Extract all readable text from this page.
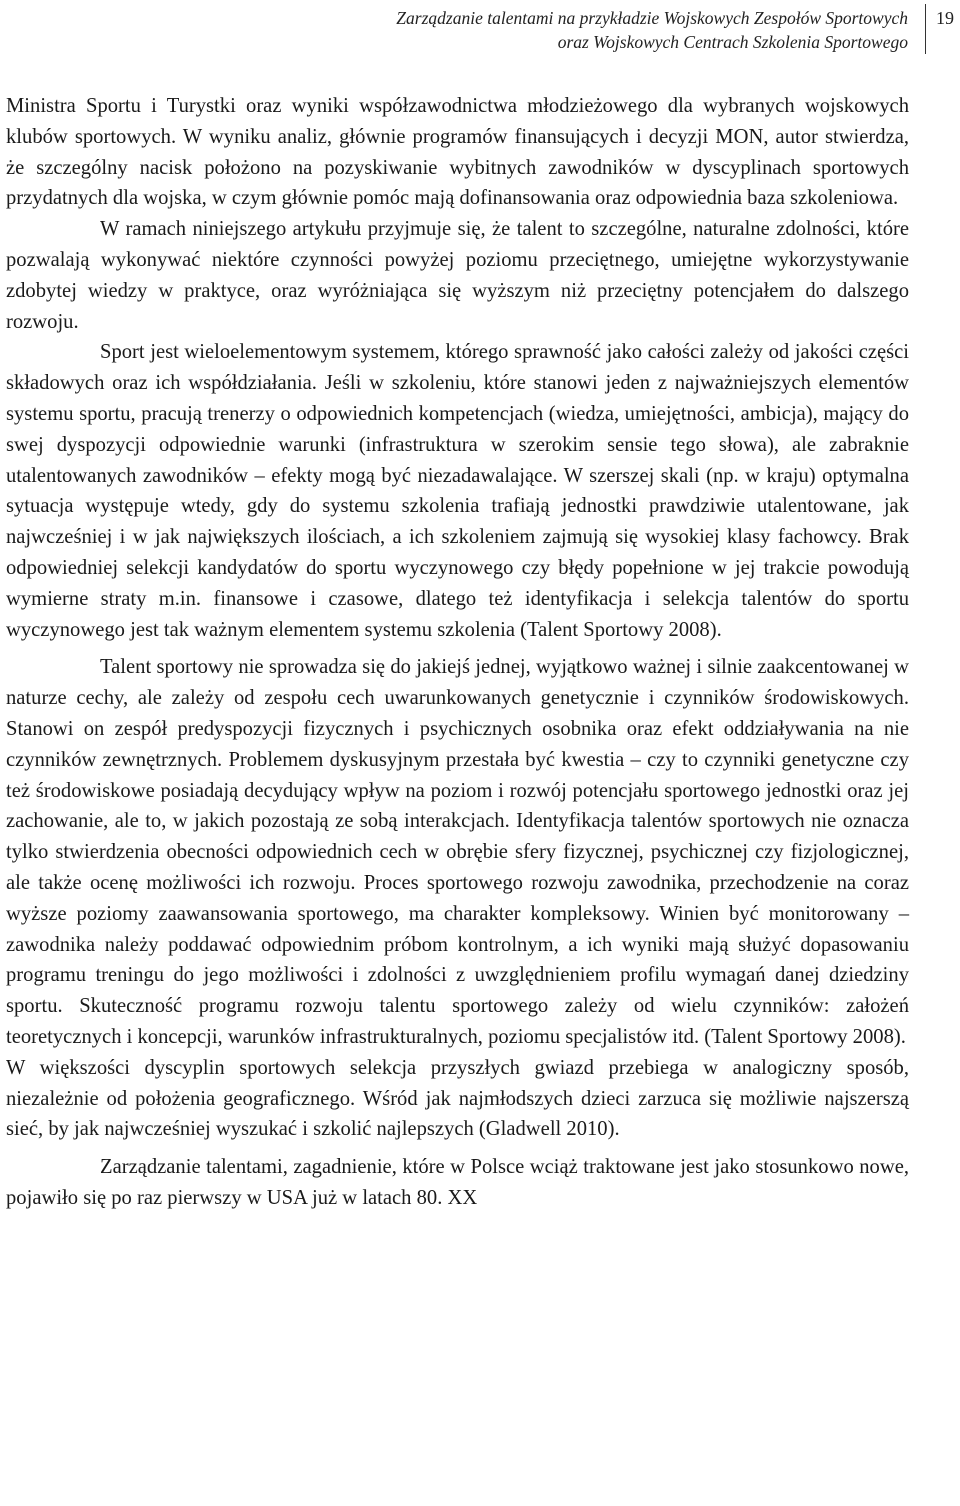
Zarządzanie talentami na przykładzie Wojskowych Zespołów Sportowych
oraz Wojskowych Centrach Szkolenia Sportowego
19

Ministra Sportu i Turystki oraz wyniki współzawodnictwa młodzieżowego dla wybranych wojskowych klubów sportowych. W wyniku analiz, głównie programów finansujących i decyzji MON, autor stwierdza, że szczególny nacisk położono na pozyskiwanie wybitnych zawodników w dyscyplinach sportowych przydatnych dla wojska, w czym głównie pomóc mają dofinansowania oraz odpowiednia baza szkoleniowa.

W ramach niniejszego artykułu przyjmuje się, że talent to szczególne, naturalne zdolności, które pozwalają wykonywać niektóre czynności powyżej poziomu przeciętnego, umiejętne wykorzystywanie zdobytej wiedzy w praktyce, oraz wyróżniająca się wyższym niż przeciętny potencjałem do dalszego rozwoju.

Sport jest wieloelementowym systemem, którego sprawność jako całości zależy od jakości części składowych oraz ich współdziałania. Jeśli w szkoleniu, które stanowi jeden z najważniejszych elementów systemu sportu, pracują trenerzy o odpowiednich kompetencjach (wiedza, umiejętności, ambicja), mający do swej dyspozycji odpowiednie warunki (infrastruktura w szerokim sensie tego słowa), ale zabraknie utalentowanych zawodników – efekty mogą być niezadawalające. W szerszej skali (np. w kraju) optymalna sytuacja występuje wtedy, gdy do systemu szkolenia trafiają jednostki prawdziwie utalentowane, jak najwcześniej i w jak największych ilościach, a ich szkoleniem zajmują się wysokiej klasy fachowcy. Brak odpowiedniej selekcji kandydatów do sportu wyczynowego czy błędy popełnione w jej trakcie powodują wymierne straty m.in. finansowe i czasowe, dlatego też identyfikacja i selekcja talentów do sportu wyczynowego jest tak ważnym elementem systemu szkolenia (Talent Sportowy 2008).

Talent sportowy nie sprowadza się do jakiejś jednej, wyjątkowo ważnej i silnie zaakcentowanej w naturze cechy, ale zależy od zespołu cech uwarunkowanych genetycznie i czynników środowiskowych. Stanowi on zespół predyspozycji fizycznych i psychicznych osobnika oraz efekt oddziaływania na nie czynników zewnętrznych. Problemem dyskusyjnym przestała być kwestia – czy to czynniki genetyczne czy też środowiskowe posiadają decydujący wpływ na poziom i rozwój potencjału sportowego jednostki oraz jej zachowanie, ale to, w jakich pozostają ze sobą interakcjach. Identyfikacja talentów sportowych nie oznacza tylko stwierdzenia obecności odpowiednich cech w obrębie sfery fizycznej, psychicznej czy fizjologicznej, ale także ocenę możliwości ich rozwoju. Proces sportowego rozwoju zawodnika, przechodzenie na coraz wyższe poziomy zaawansowania sportowego, ma charakter kompleksowy. Winien być monitorowany – zawodnika należy poddawać odpowiednim próbom kontrolnym, a ich wyniki mają służyć dopasowaniu programu treningu do jego możliwości i zdolności z uwzględnieniem profilu wymagań danej dziedziny sportu. Skuteczność programu rozwoju talentu sportowego zależy od wielu czynników: założeń teoretycznych i koncepcji, warunków infrastrukturalnych, poziomu specjalistów itd. (Talent Sportowy 2008).

W większości dyscyplin sportowych selekcja przyszłych gwiazd przebiega w analogiczny sposób, niezależnie od położenia geograficznego. Wśród jak najmłodszych dzieci zarzuca się możliwie najszerszą sieć, by jak najwcześniej wyszukać i szkolić najlepszych (Gladwell 2010).

Zarządzanie talentami, zagadnienie, które w Polsce wciąż traktowane jest jako stosunkowo nowe, pojawiło się po raz pierwszy w USA już w latach 80. XX
